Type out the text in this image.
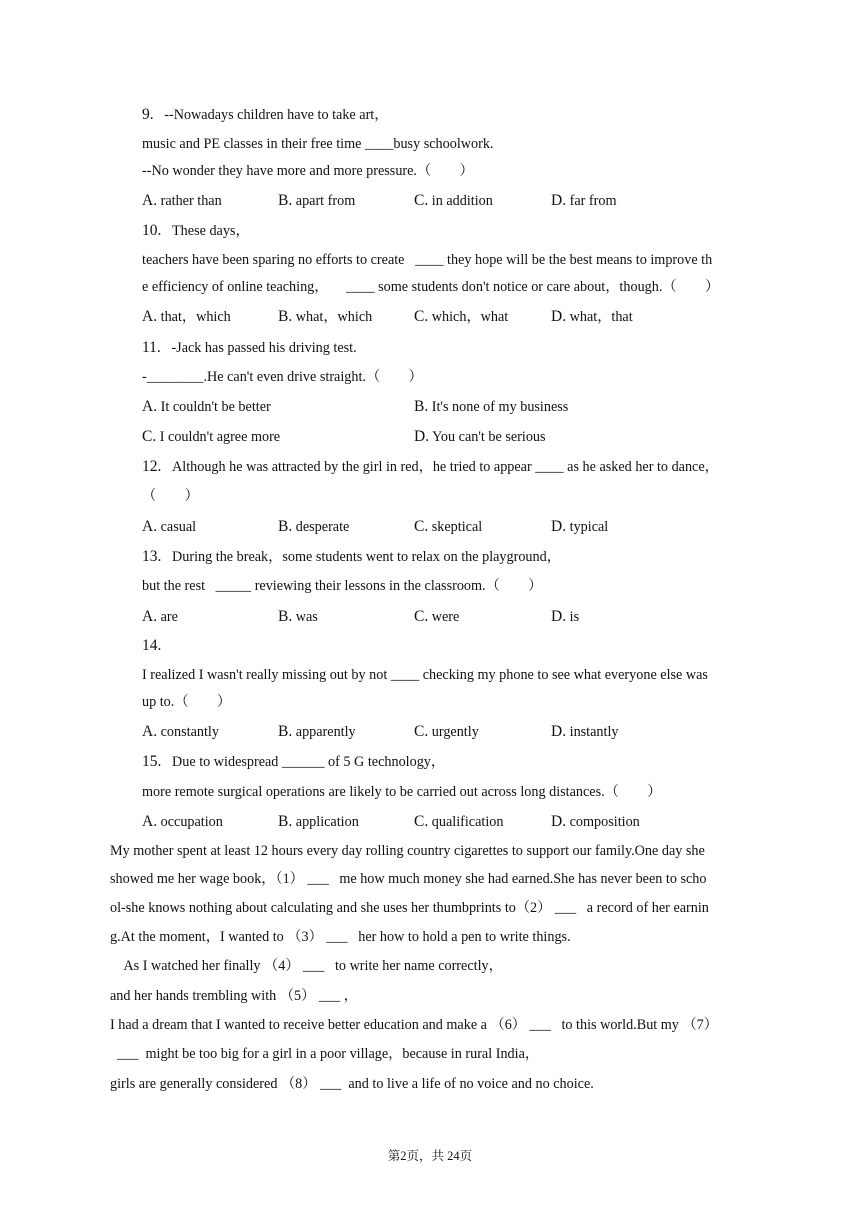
9. --Nowadays children have to take art，
music and PE classes in their free time ____busy schoolwork.
--No wonder they have more and more pressure.（　　）
A. rather than	B. apart from	C. in addition	D. far from
10. These days，
teachers have been sparing no efforts to create   ____ they hope will be the best means to improve th
e efficiency of online teaching，     ____ some students don't notice or care about，though.（　　）
A. that，which	B. what，which	C. which，what	D. what，that
11. -Jack has passed his driving test.
-________.He can't even drive straight.（　　）
A. It couldn't be better	B. It's none of my business
C. I couldn't agree more	D. You can't be serious
12. Although he was attracted by the girl in red，he tried to appear ____ as he asked her to dance，
（　　）
A. casual	B. desperate	C. skeptical	D. typical
13. During the break，some students went to relax on the playground，
but the rest   _____ reviewing their lessons in the classroom.（　　）
A. are	B. was	C. were	D. is
14.
I realized I wasn't really missing out by not ____ checking my phone to see what everyone else was
up to.（　　）
A. constantly	B. apparently	C. urgently	D. instantly
15. Due to widespread ______ of 5 G technology，
more remote surgical operations are likely to be carried out across long distances.（　　）
A. occupation	B. application	C. qualification	D. composition
My mother spent at least 12 hours every day rolling country cigarettes to support our family.One day she
showed me her wage book，（1） ___   me how much money she had earned.She has never been to scho
ol-she knows nothing about calculating and she uses her thumbprints to（2） ___   a record of her earnin
g.At the moment，I wanted to （3） ___   her how to hold a pen to write things.
As I watched her finally （4） ___   to write her name correctly，
and her hands trembling with （5） ___ ，
I had a dream that I wanted to receive better education and make a （6） ___   to this world.But my （7）
___  might be too big for a girl in a poor village，because in rural India，
girls are generally considered （8） ___  and to live a life of no voice and no choice.
第2页，共 24页
